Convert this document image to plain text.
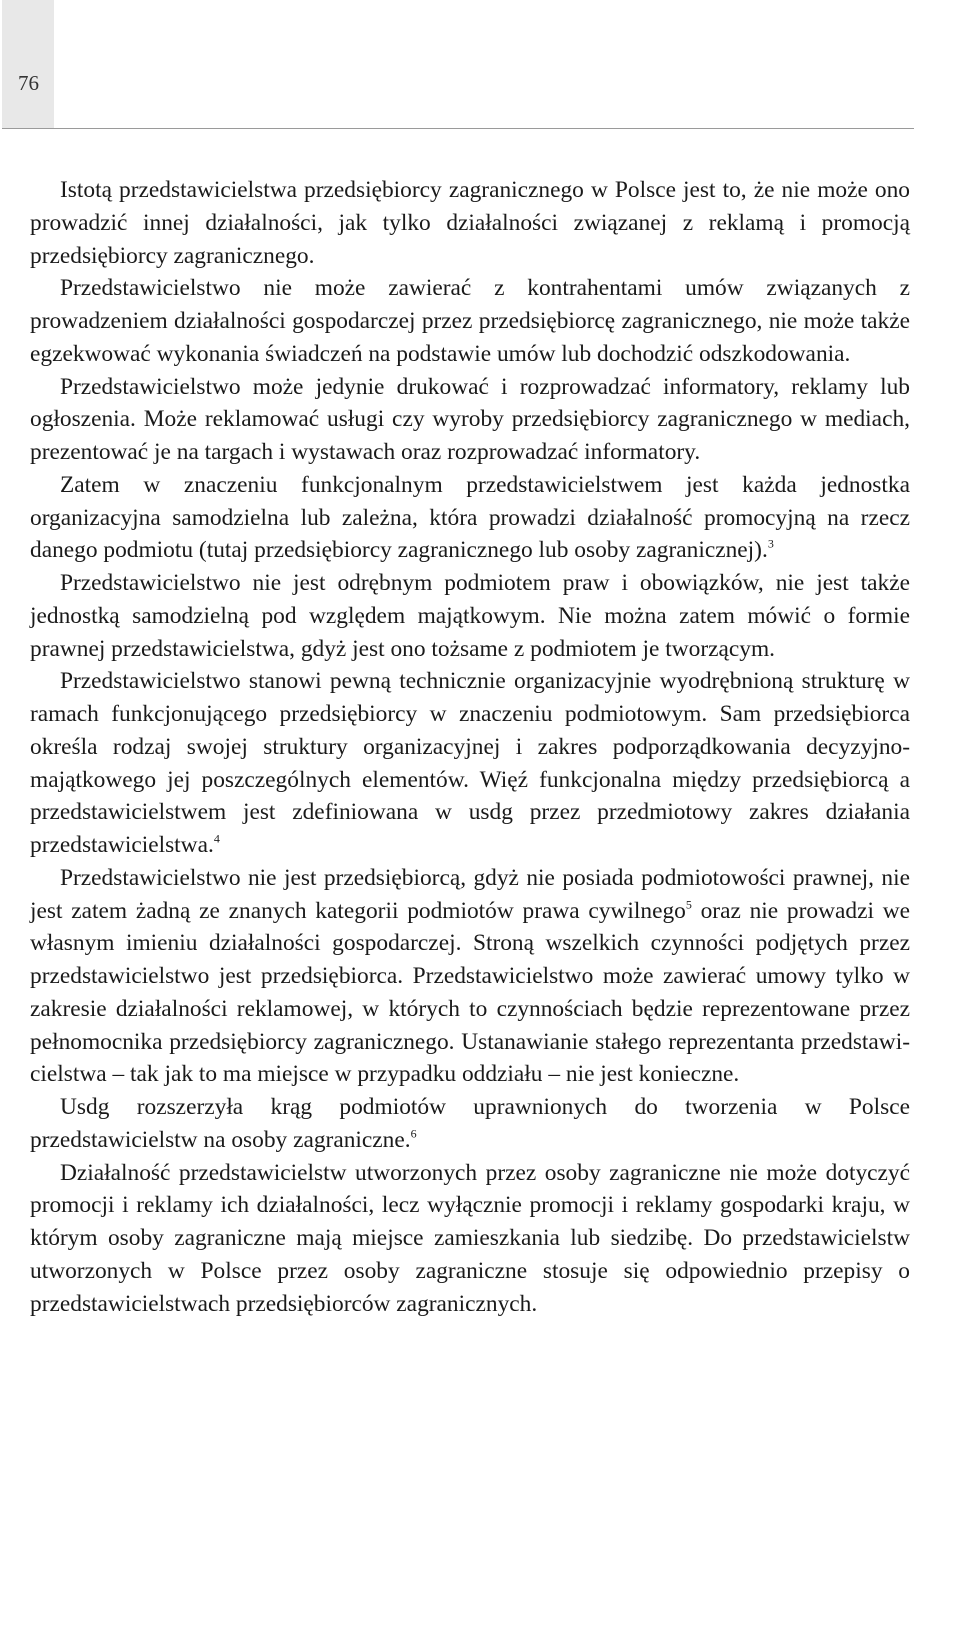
76

Istotą przedstawicielstwa przedsiębiorcy zagranicznego w Polsce jest to, że nie może ono prowadzić innej działalności, jak tylko działalności związanej z reklamą i promocją przedsiębiorcy zagranicznego.

Przedstawicielstwo nie może zawierać z kontrahentami umów związanych z prowadzeniem działalności gospodarczej przez przedsiębiorcę zagranicznego, nie może także egzekwować wykonania świadczeń na podstawie umów lub dochodzić odszkodowania.

Przedstawicielstwo może jedynie drukować i rozprowadzać informatory, reklamy lub ogłoszenia. Może reklamować usługi czy wyroby przedsiębiorcy zagranicznego w mediach, prezentować je na targach i wystawach oraz rozprowadzać informatory.

Zatem w znaczeniu funkcjonalnym przedstawicielstwem jest każda jednostka organizacyjna samodzielna lub zależna, która prowadzi działalność promocyjną na rzecz danego podmiotu (tutaj przedsiębiorcy zagranicznego lub osoby zagranicznej).$^3$

Przedstawicielstwo nie jest odrębnym podmiotem praw i obowiązków, nie jest także jednostką samodzielną pod względem majątkowym. Nie można zatem mówić o formie prawnej przedstawicielstwa, gdyż jest ono tożsame z podmiotem je tworzącym.

Przedstawicielstwo stanowi pewną technicznie organizacyjnie wyodrębnioną strukturę w ramach funkcjonującego przedsiębiorcy w znaczeniu podmiotowym. Sam przedsiębiorca określa rodzaj swojej struktury organizacyjnej i zakres podporządkowania decyzyjno-majątkowego jej poszczególnych elementów. Więź funkcjonalna między przedsiębiorcą a przedstawicielstwem jest zdefiniowana w usdg przez przedmiotowy zakres działania przedstawicielstwa.$^4$

Przedstawicielstwo nie jest przedsiębiorcą, gdyż nie posiada podmiotowości prawnej, nie jest zatem żadną ze znanych kategorii podmiotów prawa cywilnego$^5$ oraz nie prowadzi we własnym imieniu działalności gospodarczej. Stroną wszelkich czynności podjętych przez przedstawicielstwo jest przedsiębiorca. Przedstawicielstwo może zawierać umowy tylko w zakresie działalności reklamowej, w których to czynnościach będzie reprezentowane przez pełnomocnika przedsiębiorcy zagranicznego. Ustanawianie stałego reprezentanta przedstawicielstwa – tak jak to ma miejsce w przypadku oddziału – nie jest konieczne.

Usdg rozszerzyła krąg podmiotów uprawnionych do tworzenia w Polsce przedstawicielstw na osoby zagraniczne.$^6$

Działalność przedstawicielstw utworzonych przez osoby zagraniczne nie może dotyczyć promocji i reklamy ich działalności, lecz wyłącznie promocji i reklamy gospodarki kraju, w którym osoby zagraniczne mają miejsce zamieszkania lub siedzibę. Do przedstawicielstw utworzonych w Polsce przez osoby zagraniczne stosuje się odpowiednio przepisy o przedstawicielstwach przedsiębiorców zagranicznych.
